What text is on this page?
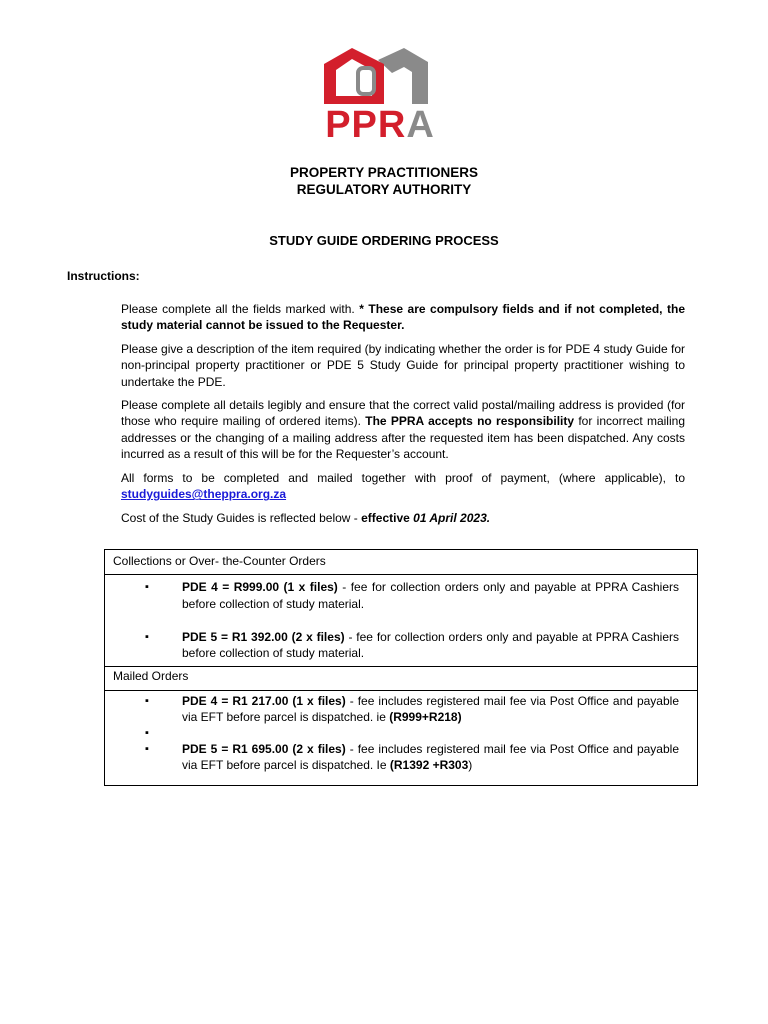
PPRA
PROPERTY PRACTITIONERS
REGULATORY AUTHORITY
STUDY GUIDE ORDERING PROCESS
Instructions:

Please complete all the fields marked with. * These are compulsory fields and if not completed, the study material cannot be issued to the Requester.

Please give a description of the item required (by indicating whether the order is for PDE 4 study Guide for non-principal property practitioner or PDE 5 Study Guide for principal property practitioner wishing to undertake the PDE.

Please complete all details legibly and ensure that the correct valid postal/mailing address is provided (for those who require mailing of ordered items). The PPRA accepts no responsibility for incorrect mailing addresses or the changing of a mailing address after the requested item has been dispatched. Any costs incurred as a result of this will be for the Requester’s account.

All forms to be completed and mailed together with proof of payment, (where applicable), to studyguides@theppra.org.za

Cost of the Study Guides is reflected below - effective 01 April 2023.

Collections or Over- the-Counter Orders

▪ PDE 4 = R999.00 (1 x files) - fee for collection orders only and payable at PPRA Cashiers before collection of study material.
▪ PDE 5 = R1 392.00 (2 x files) - fee for collection orders only and payable at PPRA Cashiers before collection of study material.

Mailed Orders

▪ PDE 4 = R1 217.00 (1 x files) - fee includes registered mail fee via Post Office and payable via EFT before parcel is dispatched. ie (R999+R218)
▪
▪ PDE 5 = R1 695.00 (2 x files) - fee includes registered mail fee via Post Office and payable via EFT before parcel is dispatched. Ie (R1392 +R303)
